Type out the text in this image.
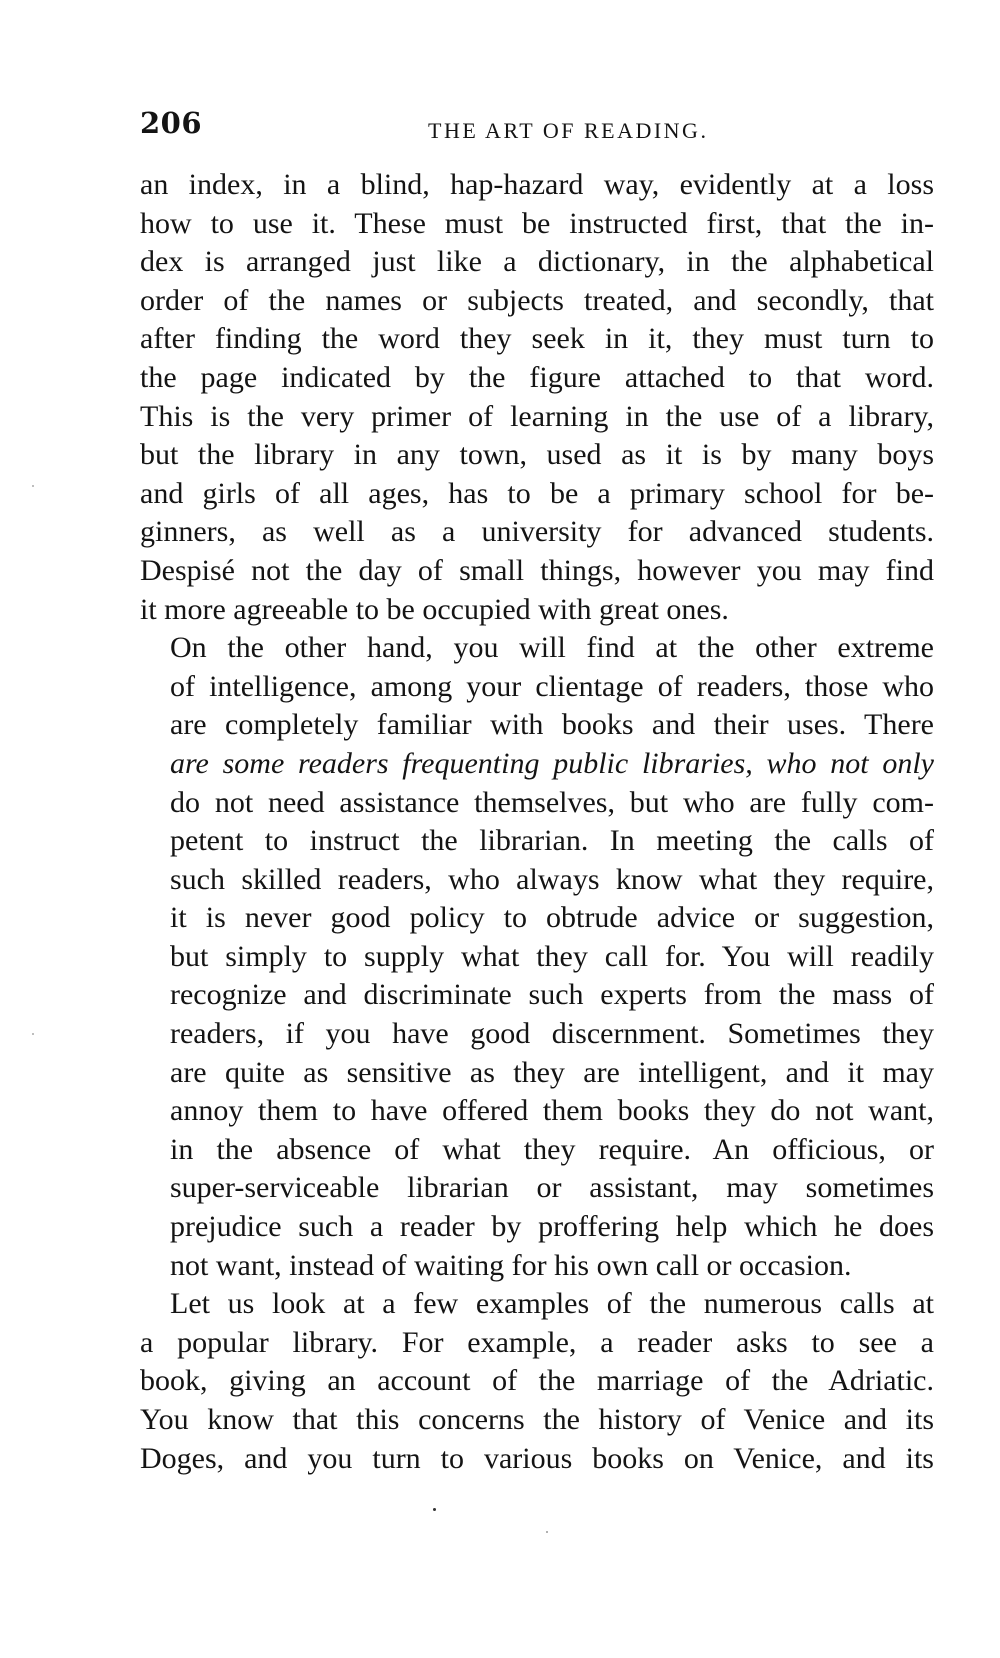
206	THE ART OF READING.

an index, in a blind, hap-hazard way, evidently at a loss
how to use it. These must be instructed first, that the in-
dex is arranged just like a dictionary, in the alphabetical
order of the names or subjects treated, and secondly, that
after finding the word they seek in it, they must turn to
the page indicated by the figure attached to that word.
This is the very primer of learning in the use of a library,
but the library in any town, used as it is by many boys
and girls of all ages, has to be a primary school for be-
ginners, as well as a university for advanced students.
Despisé not the day of small things, however you may find
it more agreeable to be occupied with great ones.

On the other hand, you will find at the other extreme
of intelligence, among your clientage of readers, those who
are completely familiar with books and their uses. There
are some readers frequenting public libraries, who not only
do not need assistance themselves, but who are fully com-
petent to instruct the librarian. In meeting the calls of
such skilled readers, who always know what they require,
it is never good policy to obtrude advice or suggestion,
but simply to supply what they call for. You will readily
recognize and discriminate such experts from the mass of
readers, if you have good discernment. Sometimes they
are quite as sensitive as they are intelligent, and it may
annoy them to have offered them books they do not want,
in the absence of what they require. An officious, or
super-serviceable librarian or assistant, may sometimes
prejudice such a reader by proffering help which he does
not want, instead of waiting for his own call or occasion.

Let us look at a few examples of the numerous calls at
a popular library. For example, a reader asks to see a
book, giving an account of the marriage of the Adriatic.
You know that this concerns the history of Venice and its
Doges, and you turn to various books on Venice, and its
